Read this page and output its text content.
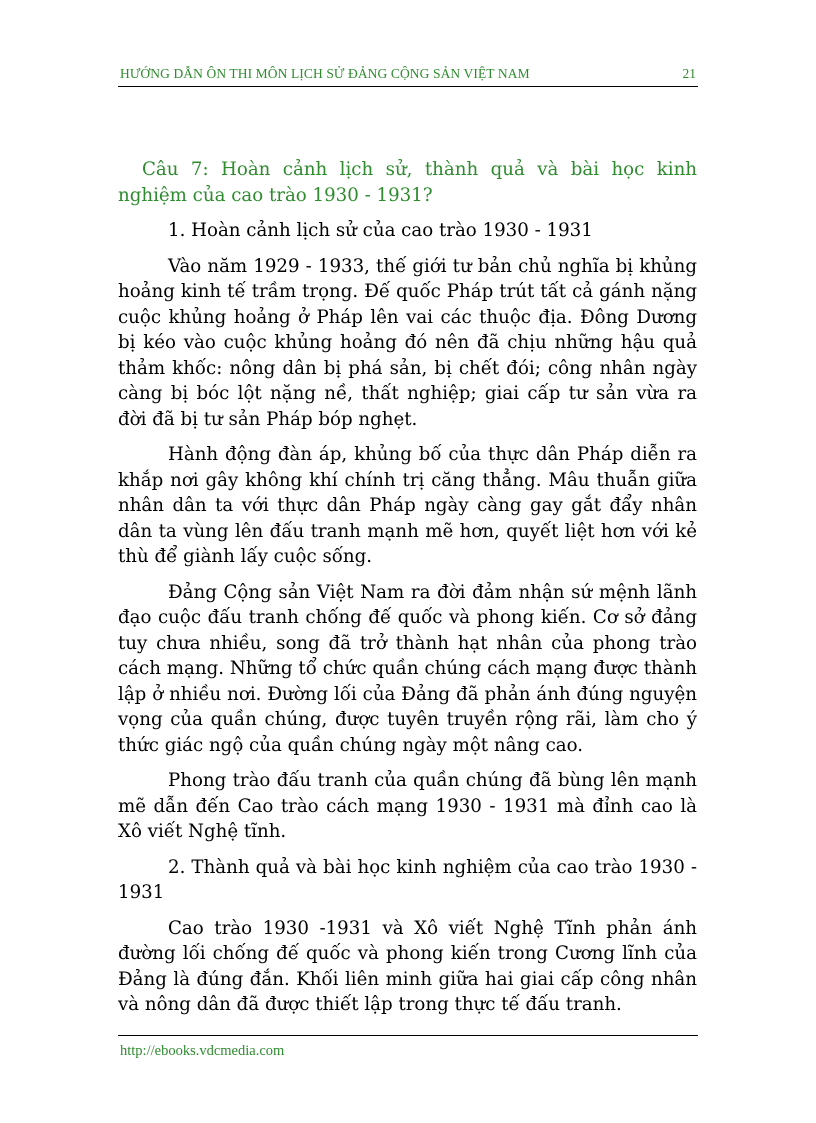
HƯỚNG DẪN ÔN THI MÔN LỊCH SỬ ĐẢNG CỘNG SẢN VIỆT NAM	21

Câu 7: Hoàn cảnh lịch sử, thành quả và bài học kinh nghiệm của cao trào 1930 - 1931?

1. Hoàn cảnh lịch sử của cao trào 1930 - 1931

Vào năm 1929 - 1933, thế giới tư bản chủ nghĩa bị khủng hoảng kinh tế trầm trọng. Đế quốc Pháp trút tất cả gánh nặng cuộc khủng hoảng ở Pháp lên vai các thuộc địa. Đông Dương bị kéo vào cuộc khủng hoảng đó nên đã chịu những hậu quả thảm khốc: nông dân bị phá sản, bị chết đói; công nhân ngày càng bị bóc lột nặng nề, thất nghiệp; giai cấp tư sản vừa ra đời đã bị tư sản Pháp bóp nghẹt.

Hành động đàn áp, khủng bố của thực dân Pháp diễn ra khắp nơi gây không khí chính trị căng thẳng. Mâu thuẫn giữa nhân dân ta với thực dân Pháp ngày càng gay gắt đẩy nhân dân ta vùng lên đấu tranh mạnh mẽ hơn, quyết liệt hơn với kẻ thù để giành lấy cuộc sống.

Đảng Cộng sản Việt Nam ra đời đảm nhận sứ mệnh lãnh đạo cuộc đấu tranh chống đế quốc và phong kiến. Cơ sở đảng tuy chưa nhiều, song đã trở thành hạt nhân của phong trào cách mạng. Những tổ chức quần chúng cách mạng được thành lập ở nhiều nơi. Đường lối của Đảng đã phản ánh đúng nguyện vọng của quần chúng, được tuyên truyền rộng rãi, làm cho ý thức giác ngộ của quần chúng ngày một nâng cao.

Phong trào đấu tranh của quần chúng đã bùng lên mạnh mẽ dẫn đến Cao trào cách mạng 1930 - 1931 mà đỉnh cao là Xô viết Nghệ tĩnh.

2. Thành quả và bài học kinh nghiệm của cao trào 1930 - 1931

Cao trào 1930 -1931 và Xô viết Nghệ Tĩnh phản ánh đường lối chống đế quốc và phong kiến trong Cương lĩnh của Đảng là đúng đắn. Khối liên minh giữa hai giai cấp công nhân và nông dân đã được thiết lập trong thực tế đấu tranh.

http://ebooks.vdcmedia.com
